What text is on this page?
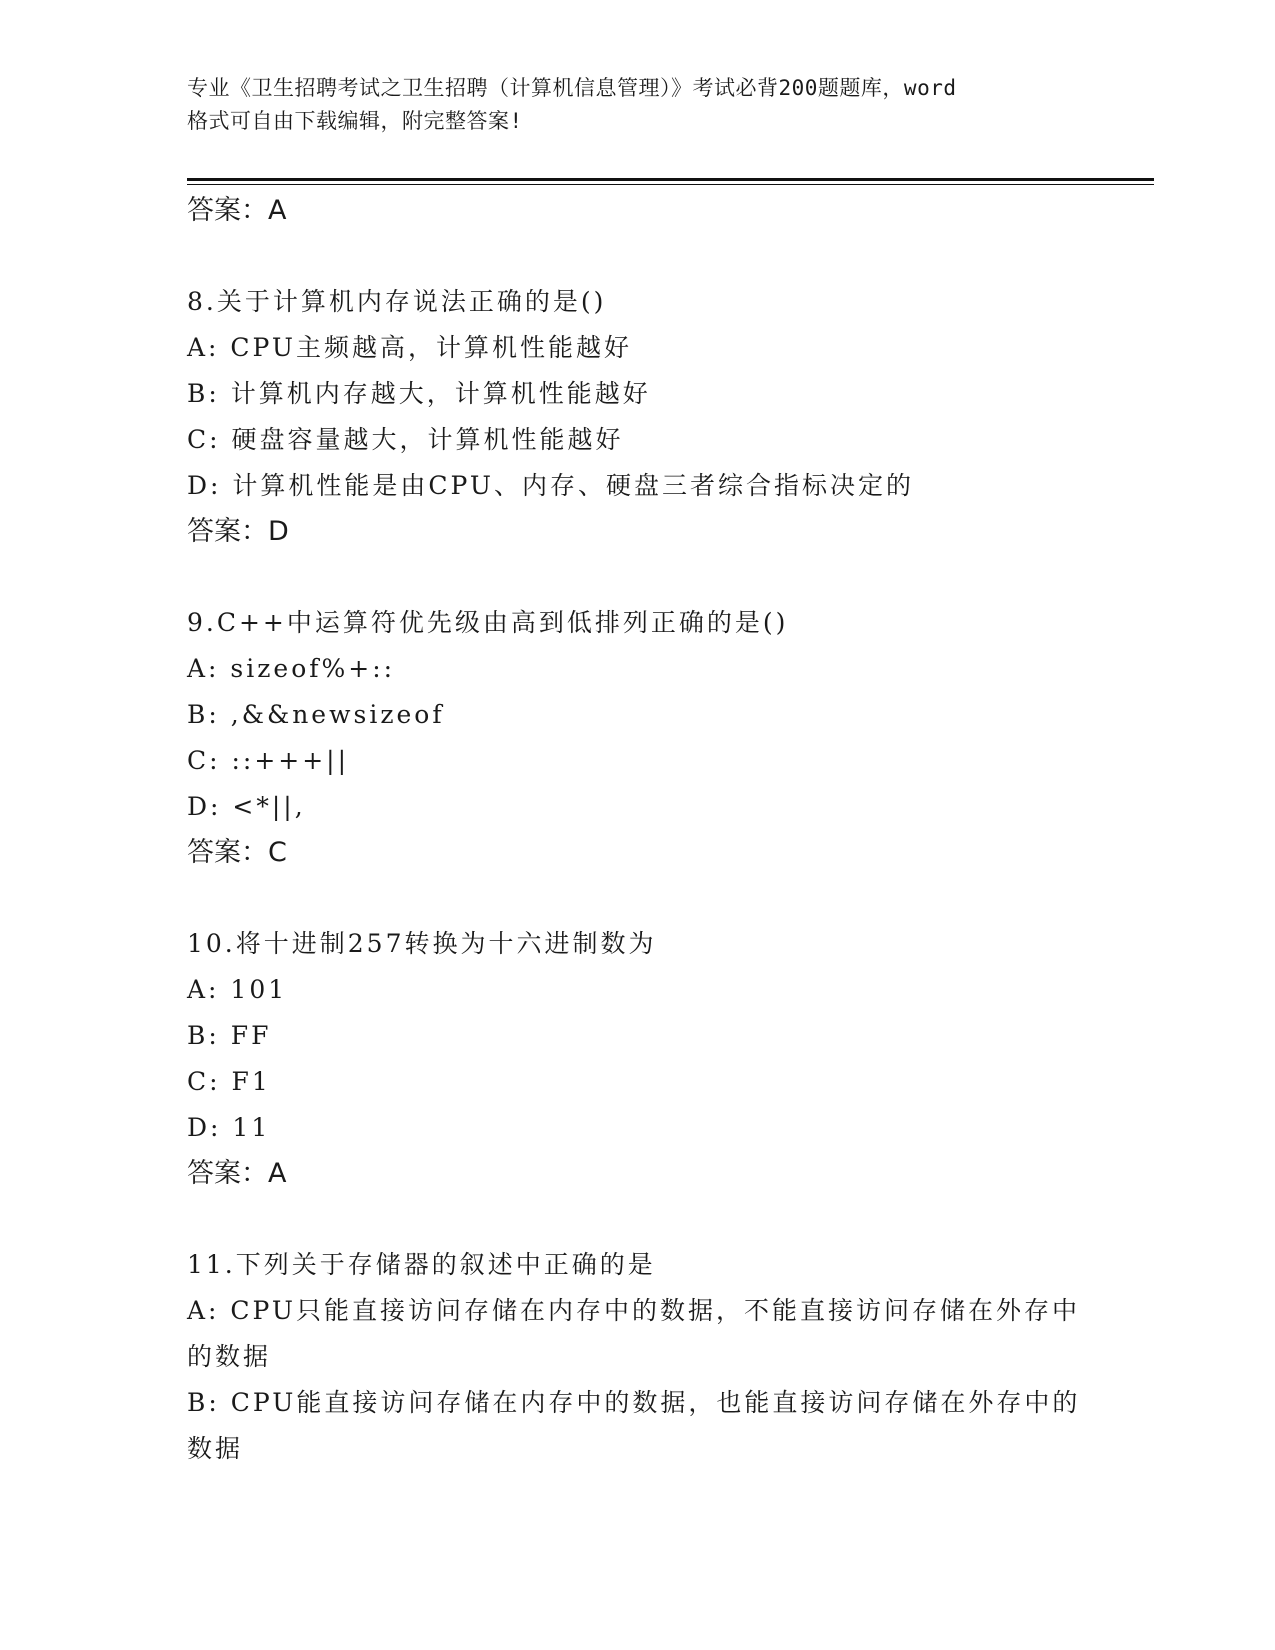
专业《卫生招聘考试之卫生招聘（计算机信息管理）》考试必背200题题库，word
格式可自由下载编辑，附完整答案!
答案：A
8.关于计算机内存说法正确的是()
A: CPU主频越高，计算机性能越好
B: 计算机内存越大，计算机性能越好
C: 硬盘容量越大，计算机性能越好
D: 计算机性能是由CPU、内存、硬盘三者综合指标决定的
答案：D
9.C++中运算符优先级由高到低排列正确的是()
A: sizeof%+::
B: ,&&newsizeof
C: ::+++||
D: <*||,
答案：C
10.将十进制257转换为十六进制数为
A: 101
B: FF
C: F1
D: 11
答案：A
11.下列关于存储器的叙述中正确的是
A: CPU只能直接访问存储在内存中的数据，不能直接访问存储在外存中的数据
B: CPU能直接访问存储在内存中的数据，也能直接访问存储在外存中的数据
